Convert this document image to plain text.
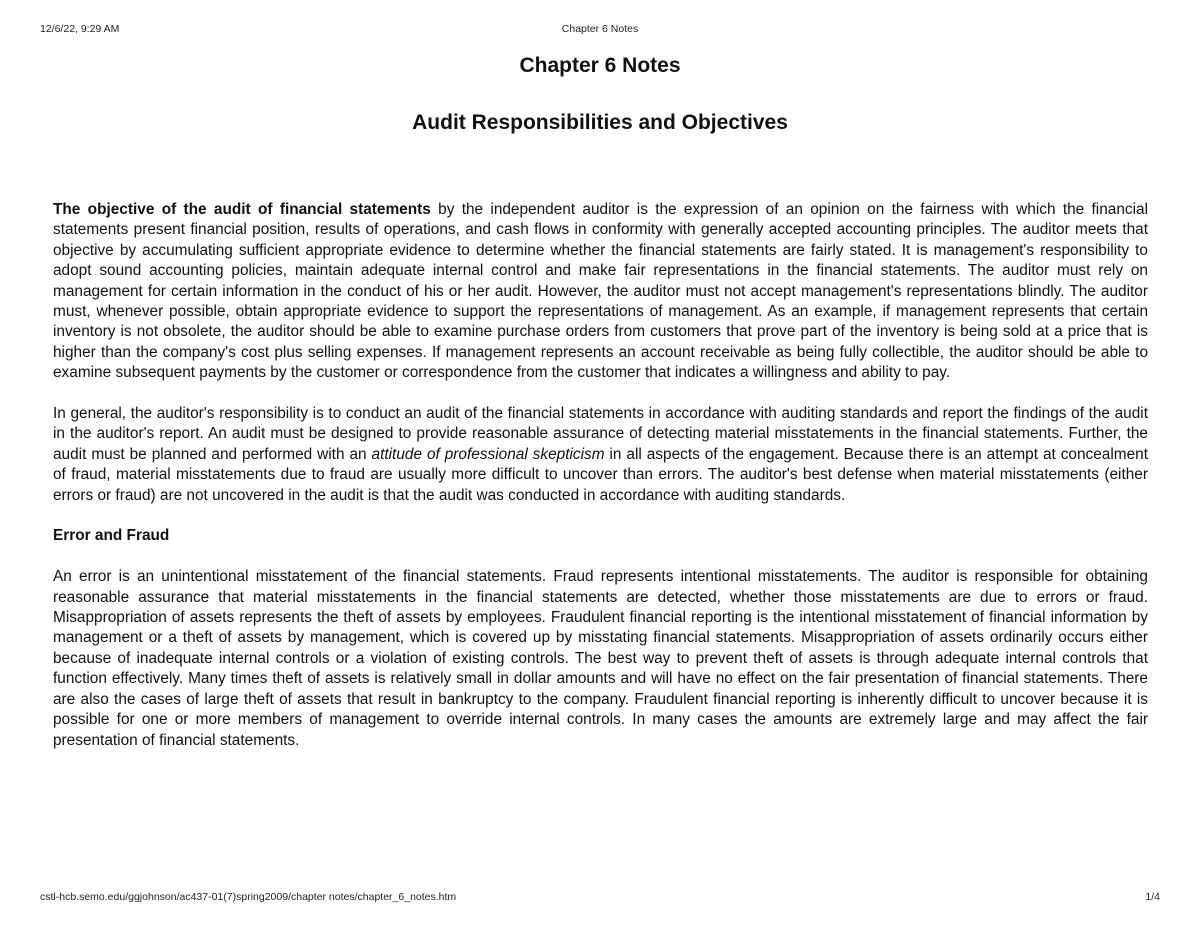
12/6/22, 9:29 AM	Chapter 6 Notes
Chapter 6 Notes
Audit Responsibilities and Objectives

The objective of the audit of financial statements by the independent auditor is the expression of an opinion on the fairness with which the financial statements present financial position, results of operations, and cash flows in conformity with generally accepted accounting principles. The auditor meets that objective by accumulating sufficient appropriate evidence to determine whether the financial statements are fairly stated. It is management's responsibility to adopt sound accounting policies, maintain adequate internal control and make fair representations in the financial statements. The auditor must rely on management for certain information in the conduct of his or her audit. However, the auditor must not accept management's representations blindly. The auditor must, whenever possible, obtain appropriate evidence to support the representations of management. As an example, if management represents that certain inventory is not obsolete, the auditor should be able to examine purchase orders from customers that prove part of the inventory is being sold at a price that is higher than the company's cost plus selling expenses. If management represents an account receivable as being fully collectible, the auditor should be able to examine subsequent payments by the customer or correspondence from the customer that indicates a willingness and ability to pay.

In general, the auditor's responsibility is to conduct an audit of the financial statements in accordance with auditing standards and report the findings of the audit in the auditor's report. An audit must be designed to provide reasonable assurance of detecting material misstatements in the financial statements. Further, the audit must be planned and performed with an attitude of professional skepticism in all aspects of the engagement. Because there is an attempt at concealment of fraud, material misstatements due to fraud are usually more difficult to uncover than errors. The auditor's best defense when material misstatements (either errors or fraud) are not uncovered in the audit is that the audit was conducted in accordance with auditing standards.

Error and Fraud

An error is an unintentional misstatement of the financial statements. Fraud represents intentional misstatements. The auditor is responsible for obtaining reasonable assurance that material misstatements in the financial statements are detected, whether those misstatements are due to errors or fraud. Misappropriation of assets represents the theft of assets by employees. Fraudulent financial reporting is the intentional misstatement of financial information by management or a theft of assets by management, which is covered up by misstating financial statements. Misappropriation of assets ordinarily occurs either because of inadequate internal controls or a violation of existing controls. The best way to prevent theft of assets is through adequate internal controls that function effectively. Many times theft of assets is relatively small in dollar amounts and will have no effect on the fair presentation of financial statements. There are also the cases of large theft of assets that result in bankruptcy to the company. Fraudulent financial reporting is inherently difficult to uncover because it is possible for one or more members of management to override internal controls. In many cases the amounts are extremely large and may affect the fair presentation of financial statements.

cstl-hcb.semo.edu/ggjohnson/ac437-01(7)spring2009/chapter notes/chapter_6_notes.htm	1/4
